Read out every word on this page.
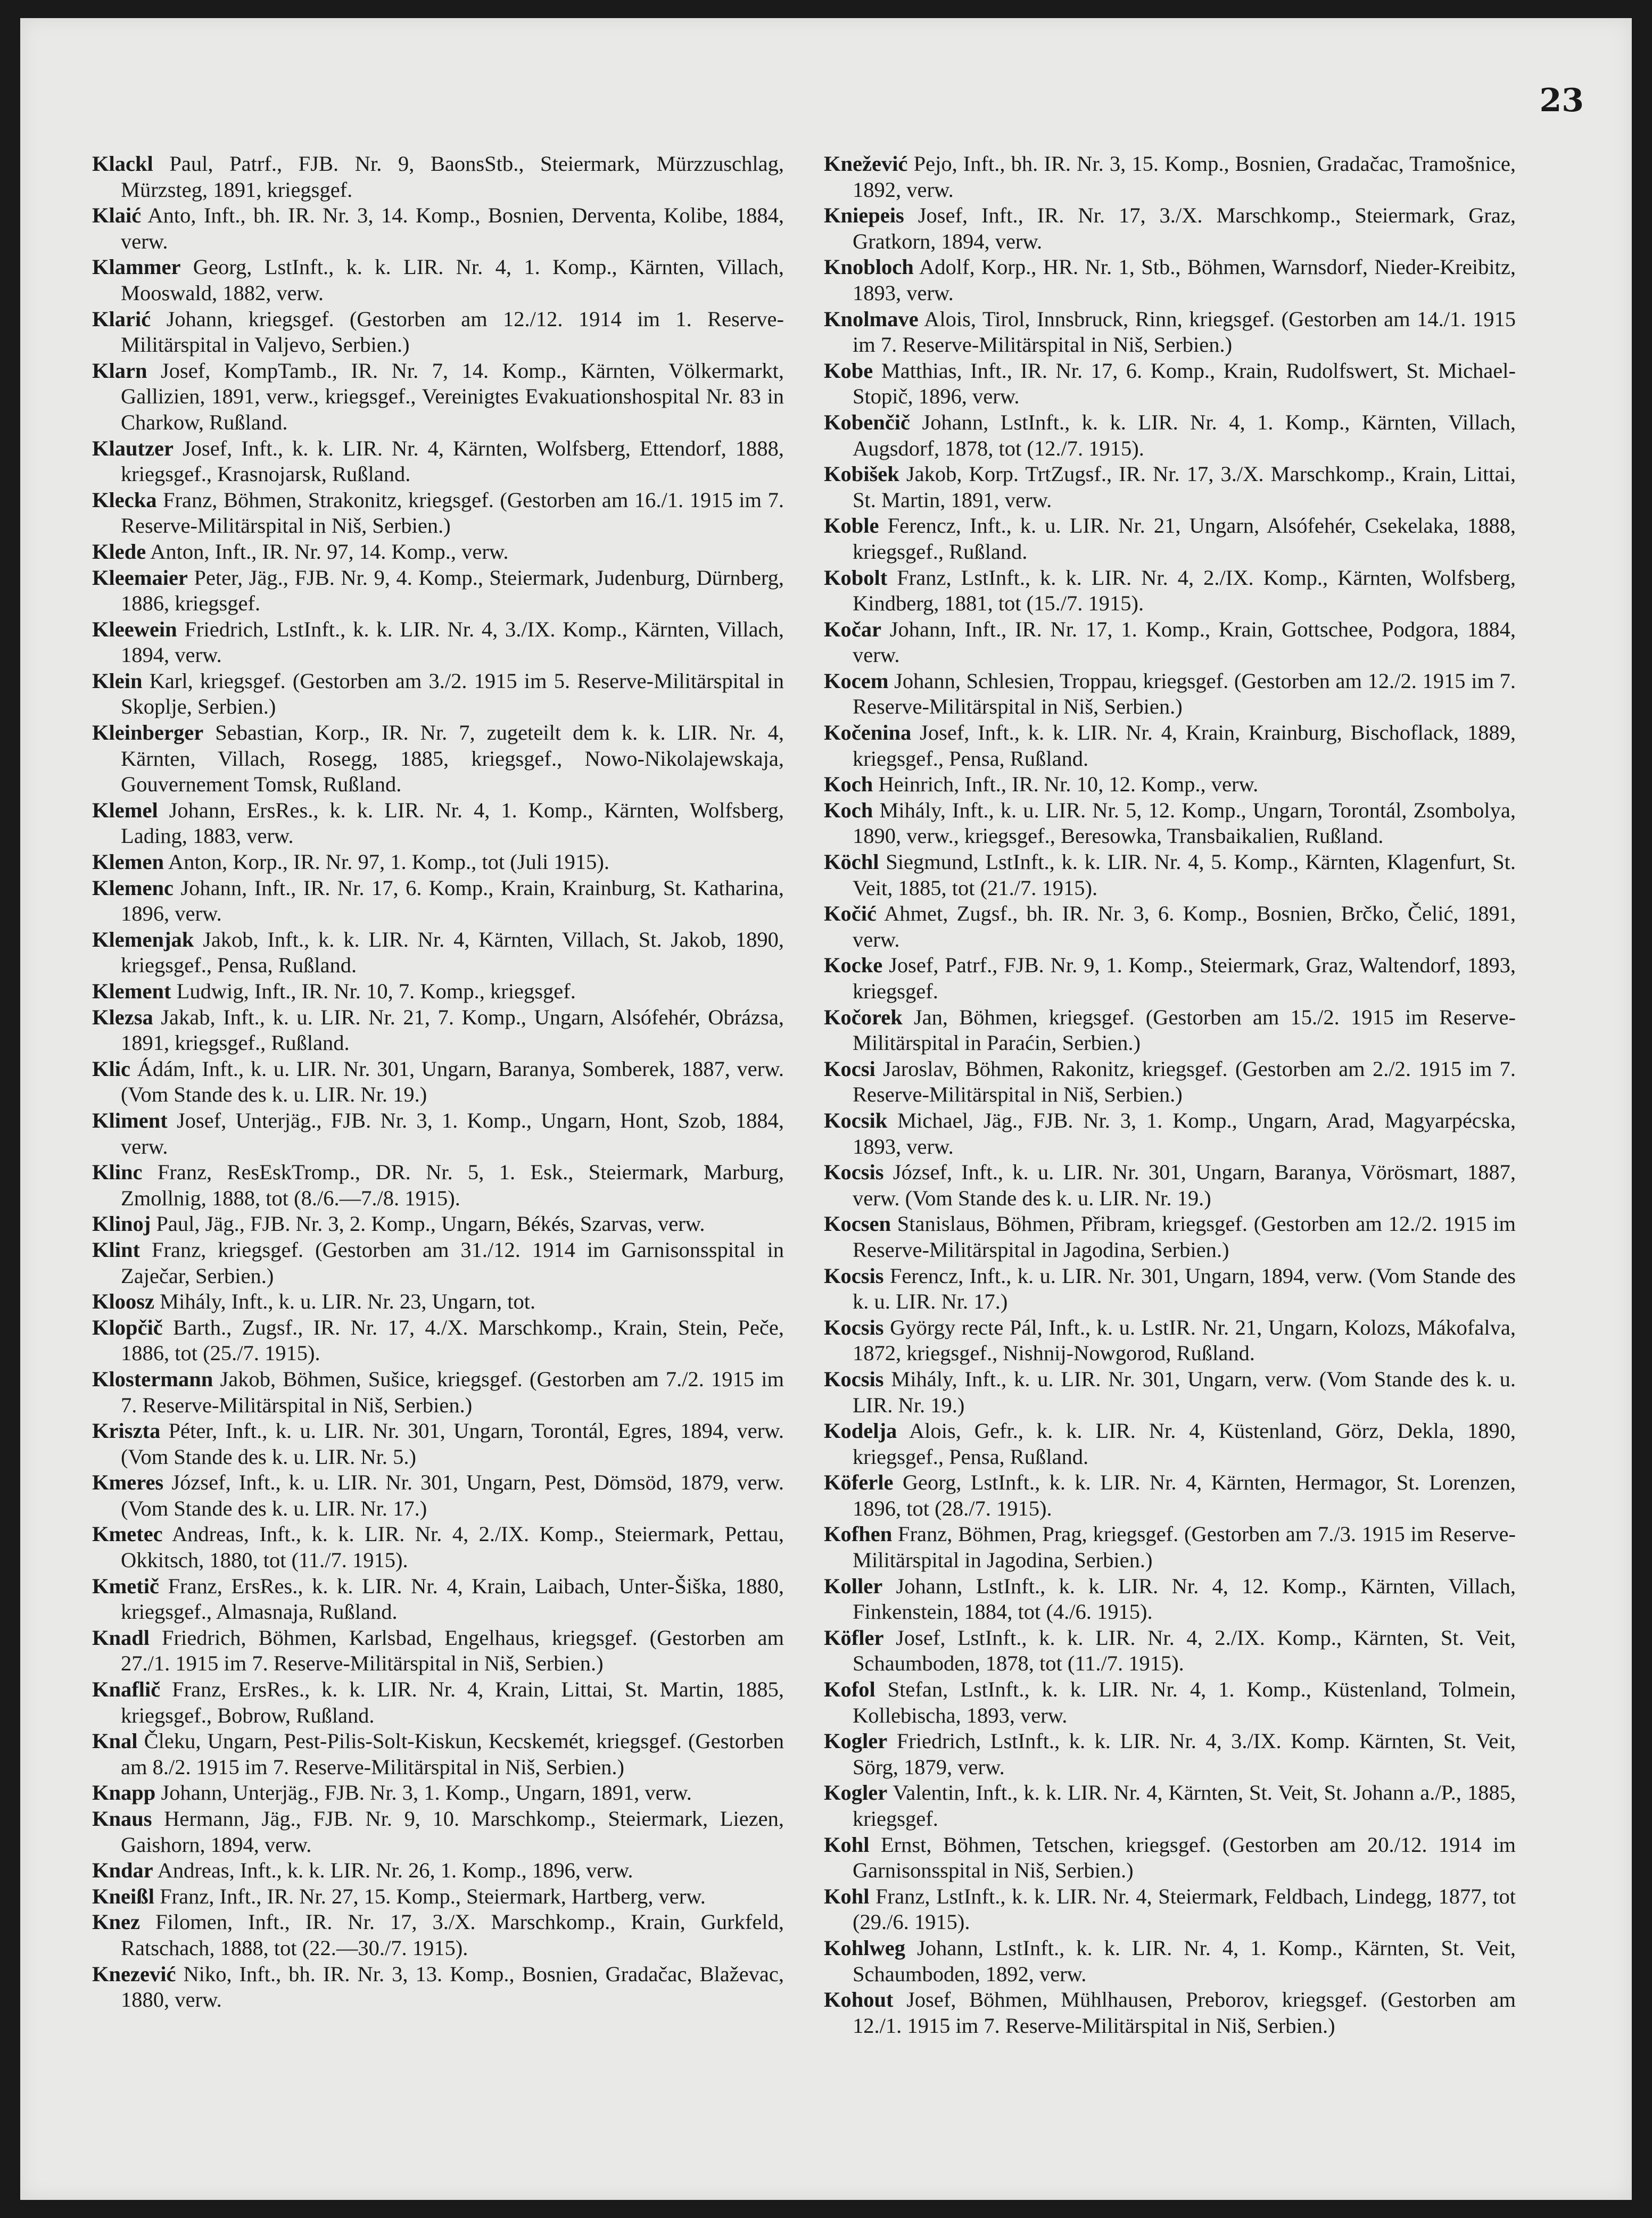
23

Klackl Paul, Patrf., FJB. Nr. 9, BaonsStb., Steiermark, Mürzzuschlag, Mürzsteg, 1891, kriegsgef.

Klaić Anto, Inft., bh. IR. Nr. 3, 14. Komp., Bosnien, Derventa, Kolibe, 1884, verw.

Klammer Georg, LstInft., k. k. LIR. Nr. 4, 1. Komp., Kärnten, Villach, Mooswald, 1882, verw.

Klarić Johann, kriegsgef. (Gestorben am 12./12. 1914 im 1. Reserve-Militärspital in Valjevo, Serbien.)

Klarn Josef, KompTamb., IR. Nr. 7, 14. Komp., Kärnten, Völkermarkt, Gallizien, 1891, verw., kriegsgef., Vereinigtes Evakuationshospital Nr. 83 in Charkow, Rußland.

Klautzer Josef, Inft., k. k. LIR. Nr. 4, Kärnten, Wolfsberg, Ettendorf, 1888, kriegsgef., Krasnojarsk, Rußland.

Klecka Franz, Böhmen, Strakonitz, kriegsgef. (Gestorben am 16./1. 1915 im 7. Reserve-Militärspital in Niš, Serbien.)

Klede Anton, Inft., IR. Nr. 97, 14. Komp., verw.

Kleemaier Peter, Jäg., FJB. Nr. 9, 4. Komp., Steiermark, Judenburg, Dürnberg, 1886, kriegsgef.

Kleewein Friedrich, LstInft., k. k. LIR. Nr. 4, 3./IX. Komp., Kärnten, Villach, 1894, verw.

Klein Karl, kriegsgef. (Gestorben am 3./2. 1915 im 5. Reserve-Militärspital in Skoplje, Serbien.)

Kleinberger Sebastian, Korp., IR. Nr. 7, zugeteilt dem k. k. LIR. Nr. 4, Kärnten, Villach, Rosegg, 1885, kriegsgef., Nowo-Nikolajewskaja, Gouvernement Tomsk, Rußland.

Klemel Johann, ErsRes., k. k. LIR. Nr. 4, 1. Komp., Kärnten, Wolfsberg, Lading, 1883, verw.

Klemen Anton, Korp., IR. Nr. 97, 1. Komp., tot (Juli 1915).

Klemenc Johann, Inft., IR. Nr. 17, 6. Komp., Krain, Krainburg, St. Katharina, 1896, verw.

Klemenjak Jakob, Inft., k. k. LIR. Nr. 4, Kärnten, Villach, St. Jakob, 1890, kriegsgef., Pensa, Rußland.

Klement Ludwig, Inft., IR. Nr. 10, 7. Komp., kriegsgef.

Klezsa Jakab, Inft., k. u. LIR. Nr. 21, 7. Komp., Ungarn, Alsófehér, Obrázsa, 1891, kriegsgef., Rußland.

Klic Ádám, Inft., k. u. LIR. Nr. 301, Ungarn, Baranya, Somberek, 1887, verw. (Vom Stande des k. u. LIR. Nr. 19.)

Kliment Josef, Unterjäg., FJB. Nr. 3, 1. Komp., Ungarn, Hont, Szob, 1884, verw.

Klinc Franz, ResEskTromp., DR. Nr. 5, 1. Esk., Steiermark, Marburg, Zmollnig, 1888, tot (8./6.—7./8. 1915).

Klinoj Paul, Jäg., FJB. Nr. 3, 2. Komp., Ungarn, Békés, Szarvas, verw.

Klint Franz, kriegsgef. (Gestorben am 31./12. 1914 im Garnisonsspital in Zaječar, Serbien.)

Kloosz Mihály, Inft., k. u. LIR. Nr. 23, Ungarn, tot.

Klopčič Barth., Zugsf., IR. Nr. 17, 4./X. Marschkomp., Krain, Stein, Peče, 1886, tot (25./7. 1915).

Klostermann Jakob, Böhmen, Sušice, kriegsgef. (Gestorben am 7./2. 1915 im 7. Reserve-Militärspital in Niš, Serbien.)

Kriszta Péter, Inft., k. u. LIR. Nr. 301, Ungarn, Torontál, Egres, 1894, verw. (Vom Stande des k. u. LIR. Nr. 5.)

Kmeres József, Inft., k. u. LIR. Nr. 301, Ungarn, Pest, Dömsöd, 1879, verw. (Vom Stande des k. u. LIR. Nr. 17.)

Kmetec Andreas, Inft., k. k. LIR. Nr. 4, 2./IX. Komp., Steiermark, Pettau, Okkitsch, 1880, tot (11./7. 1915).

Kmetič Franz, ErsRes., k. k. LIR. Nr. 4, Krain, Laibach, Unter-Šiška, 1880, kriegsgef., Almasnaja, Rußland.

Knadl Friedrich, Böhmen, Karlsbad, Engelhaus, kriegsgef. (Gestorben am 27./1. 1915 im 7. Reserve-Militärspital in Niš, Serbien.)

Knaflič Franz, ErsRes., k. k. LIR. Nr. 4, Krain, Littai, St. Martin, 1885, kriegsgef., Bobrow, Rußland.

Knal Čleku, Ungarn, Pest-Pilis-Solt-Kiskun, Kecskemét, kriegsgef. (Gestorben am 8./2. 1915 im 7. Reserve-Militärspital in Niš, Serbien.)

Knapp Johann, Unterjäg., FJB. Nr. 3, 1. Komp., Ungarn, 1891, verw.

Knaus Hermann, Jäg., FJB. Nr. 9, 10. Marschkomp., Steiermark, Liezen, Gaishorn, 1894, verw.

Kndar Andreas, Inft., k. k. LIR. Nr. 26, 1. Komp., 1896, verw.

Kneißl Franz, Inft., IR. Nr. 27, 15. Komp., Steiermark, Hartberg, verw.

Knez Filomen, Inft., IR. Nr. 17, 3./X. Marschkomp., Krain, Gurkfeld, Ratschach, 1888, tot (22.—30./7. 1915).

Knezević Niko, Inft., bh. IR. Nr. 3, 13. Komp., Bosnien, Gradačac, Blaževac, 1880, verw.

Knežević Pejo, Inft., bh. IR. Nr. 3, 15. Komp., Bosnien, Gradačac, Tramošnice, 1892, verw.

Kniepeis Josef, Inft., IR. Nr. 17, 3./X. Marschkomp., Steiermark, Graz, Gratkorn, 1894, verw.

Knobloch Adolf, Korp., HR. Nr. 1, Stb., Böhmen, Warnsdorf, Nieder-Kreibitz, 1893, verw.

Knolmave Alois, Tirol, Innsbruck, Rinn, kriegsgef. (Gestorben am 14./1. 1915 im 7. Reserve-Militärspital in Niš, Serbien.)

Kobe Matthias, Inft., IR. Nr. 17, 6. Komp., Krain, Rudolfswert, St. Michael-Stopič, 1896, verw.

Kobenčič Johann, LstInft., k. k. LIR. Nr. 4, 1. Komp., Kärnten, Villach, Augsdorf, 1878, tot (12./7. 1915).

Kobišek Jakob, Korp. TrtZugsf., IR. Nr. 17, 3./X. Marschkomp., Krain, Littai, St. Martin, 1891, verw.

Koble Ferencz, Inft., k. u. LIR. Nr. 21, Ungarn, Alsófehér, Csekelaka, 1888, kriegsgef., Rußland.

Kobolt Franz, LstInft., k. k. LIR. Nr. 4, 2./IX. Komp., Kärnten, Wolfsberg, Kindberg, 1881, tot (15./7. 1915).

Kočar Johann, Inft., IR. Nr. 17, 1. Komp., Krain, Gottschee, Podgora, 1884, verw.

Kocem Johann, Schlesien, Troppau, kriegsgef. (Gestorben am 12./2. 1915 im 7. Reserve-Militärspital in Niš, Serbien.)

Kočenina Josef, Inft., k. k. LIR. Nr. 4, Krain, Krainburg, Bischoflack, 1889, kriegsgef., Pensa, Rußland.

Koch Heinrich, Inft., IR. Nr. 10, 12. Komp., verw.

Koch Mihály, Inft., k. u. LIR. Nr. 5, 12. Komp., Ungarn, Torontál, Zsombolya, 1890, verw., kriegsgef., Beresowka, Transbaikalien, Rußland.

Köchl Siegmund, LstInft., k. k. LIR. Nr. 4, 5. Komp., Kärnten, Klagenfurt, St. Veit, 1885, tot (21./7. 1915).

Kočić Ahmet, Zugsf., bh. IR. Nr. 3, 6. Komp., Bosnien, Brčko, Čelić, 1891, verw.

Kocke Josef, Patrf., FJB. Nr. 9, 1. Komp., Steiermark, Graz, Waltendorf, 1893, kriegsgef.

Kočorek Jan, Böhmen, kriegsgef. (Gestorben am 15./2. 1915 im Reserve-Militärspital in Paraćin, Serbien.)

Kocsi Jaroslav, Böhmen, Rakonitz, kriegsgef. (Gestorben am 2./2. 1915 im 7. Reserve-Militärspital in Niš, Serbien.)

Kocsik Michael, Jäg., FJB. Nr. 3, 1. Komp., Ungarn, Arad, Magyarpécska, 1893, verw.

Kocsis József, Inft., k. u. LIR. Nr. 301, Ungarn, Baranya, Vörösmart, 1887, verw. (Vom Stande des k. u. LIR. Nr. 19.)

Kocsen Stanislaus, Böhmen, Přibram, kriegsgef. (Gestorben am 12./2. 1915 im Reserve-Militärspital in Jagodina, Serbien.)

Kocsis Ferencz, Inft., k. u. LIR. Nr. 301, Ungarn, 1894, verw. (Vom Stande des k. u. LIR. Nr. 17.)

Kocsis György recte Pál, Inft., k. u. LstIR. Nr. 21, Ungarn, Kolozs, Mákofalva, 1872, kriegsgef., Nishnij-Nowgorod, Rußland.

Kocsis Mihály, Inft., k. u. LIR. Nr. 301, Ungarn, verw. (Vom Stande des k. u. LIR. Nr. 19.)

Kodelja Alois, Gefr., k. k. LIR. Nr. 4, Küstenland, Görz, Dekla, 1890, kriegsgef., Pensa, Rußland.

Köferle Georg, LstInft., k. k. LIR. Nr. 4, Kärnten, Hermagor, St. Lorenzen, 1896, tot (28./7. 1915).

Kofhen Franz, Böhmen, Prag, kriegsgef. (Gestorben am 7./3. 1915 im Reserve-Militärspital in Jagodina, Serbien.)

Koller Johann, LstInft., k. k. LIR. Nr. 4, 12. Komp., Kärnten, Villach, Finkenstein, 1884, tot (4./6. 1915).

Köfler Josef, LstInft., k. k. LIR. Nr. 4, 2./IX. Komp., Kärnten, St. Veit, Schaumboden, 1878, tot (11./7. 1915).

Kofol Stefan, LstInft., k. k. LIR. Nr. 4, 1. Komp., Küstenland, Tolmein, Kollebischa, 1893, verw.

Kogler Friedrich, LstInft., k. k. LIR. Nr. 4, 3./IX. Komp. Kärnten, St. Veit, Sörg, 1879, verw.

Kogler Valentin, Inft., k. k. LIR. Nr. 4, Kärnten, St. Veit, St. Johann a./P., 1885, kriegsgef.

Kohl Ernst, Böhmen, Tetschen, kriegsgef. (Gestorben am 20./12. 1914 im Garnisonsspital in Niš, Serbien.)

Kohl Franz, LstInft., k. k. LIR. Nr. 4, Steiermark, Feldbach, Lindegg, 1877, tot (29./6. 1915).

Kohlweg Johann, LstInft., k. k. LIR. Nr. 4, 1. Komp., Kärnten, St. Veit, Schaumboden, 1892, verw.

Kohout Josef, Böhmen, Mühlhausen, Preborov, kriegsgef. (Gestorben am 12./1. 1915 im 7. Reserve-Militärspital in Niš, Serbien.)
